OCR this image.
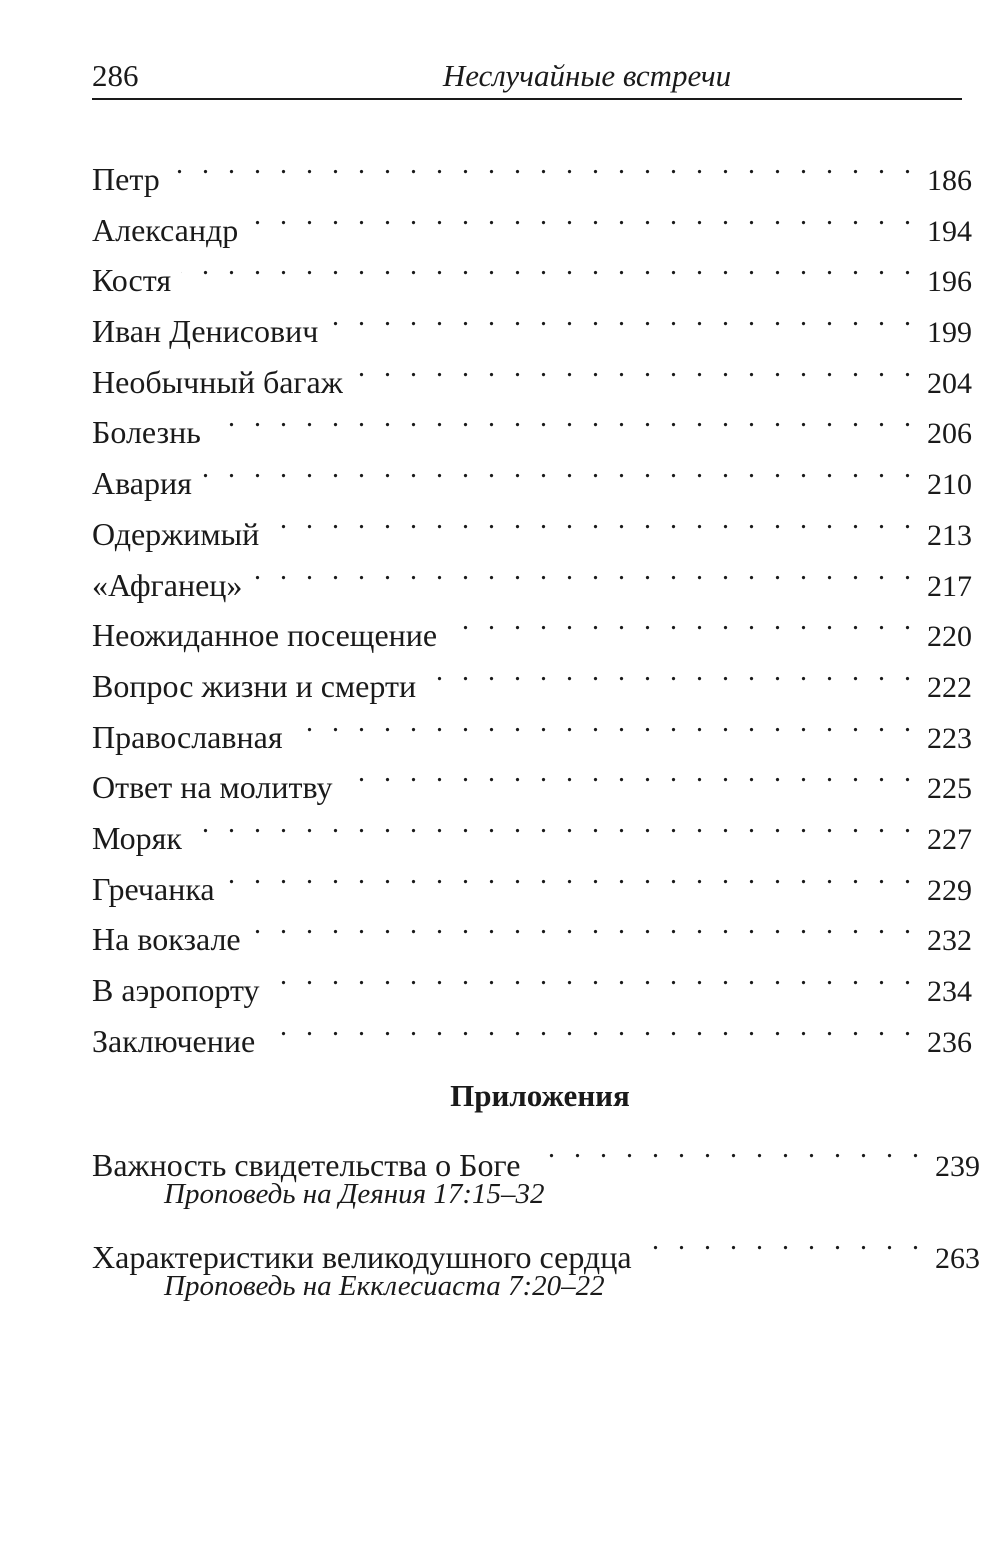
286	Неслучайные встречи
Петр . . .	186
Александр . . .	194
Костя . . .	196
Иван Денисович . . .	199
Необычный багаж . . .	204
Болезнь . . .	206
Авария . . .	210
Одержимый . . .	213
«Афганец» . . .	217
Неожиданное посещение . . .	220
Вопрос жизни и смерти . . .	222
Православная . . .	223
Ответ на молитву . . .	225
Моряк . . .	227
Гречанка . . .	229
На вокзале . . .	232
В аэропорту . . .	234
Заключение . . .	236
Приложения
Важность свидетельства о Боге . . .	239
Проповедь на Деяния 17:15–32
Характеристики великодушного сердца . . .	263
Проповедь на Екклесиаста 7:20–22
